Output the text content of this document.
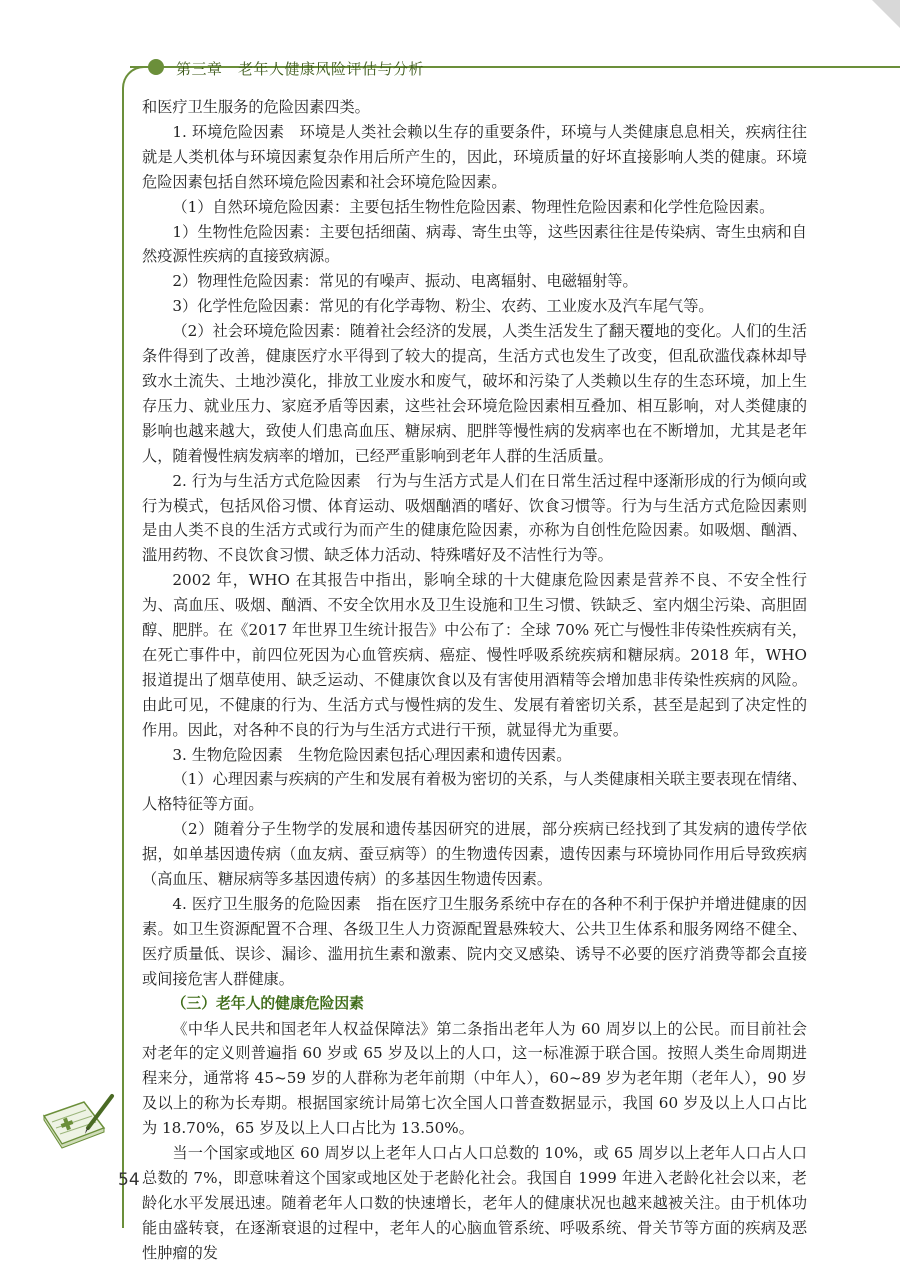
第三章　老年人健康风险评估与分析

和医疗卫生服务的危险因素四类。

1. 环境危险因素　环境是人类社会赖以生存的重要条件，环境与人类健康息息相关，疾病往往就是人类机体与环境因素复杂作用后所产生的，因此，环境质量的好坏直接影响人类的健康。环境危险因素包括自然环境危险因素和社会环境危险因素。

（1）自然环境危险因素：主要包括生物性危险因素、物理性危险因素和化学性危险因素。

1）生物性危险因素：主要包括细菌、病毒、寄生虫等，这些因素往往是传染病、寄生虫病和自然疫源性疾病的直接致病源。

2）物理性危险因素：常见的有噪声、振动、电离辐射、电磁辐射等。

3）化学性危险因素：常见的有化学毒物、粉尘、农药、工业废水及汽车尾气等。

（2）社会环境危险因素：随着社会经济的发展，人类生活发生了翻天覆地的变化。人们的生活条件得到了改善，健康医疗水平得到了较大的提高，生活方式也发生了改变，但乱砍滥伐森林却导致水土流失、土地沙漠化，排放工业废水和废气，破坏和污染了人类赖以生存的生态环境，加上生存压力、就业压力、家庭矛盾等因素，这些社会环境危险因素相互叠加、相互影响，对人类健康的影响也越来越大，致使人们患高血压、糖尿病、肥胖等慢性病的发病率也在不断增加，尤其是老年人，随着慢性病发病率的增加，已经严重影响到老年人群的生活质量。

2. 行为与生活方式危险因素　行为与生活方式是人们在日常生活过程中逐渐形成的行为倾向或行为模式，包括风俗习惯、体育运动、吸烟酗酒的嗜好、饮食习惯等。行为与生活方式危险因素则是由人类不良的生活方式或行为而产生的健康危险因素，亦称为自创性危险因素。如吸烟、酗酒、滥用药物、不良饮食习惯、缺乏体力活动、特殊嗜好及不洁性行为等。

2002 年，WHO 在其报告中指出，影响全球的十大健康危险因素是营养不良、不安全性行为、高血压、吸烟、酗酒、不安全饮用水及卫生设施和卫生习惯、铁缺乏、室内烟尘污染、高胆固醇、肥胖。在《2017 年世界卫生统计报告》中公布了：全球 70% 死亡与慢性非传染性疾病有关，在死亡事件中，前四位死因为心血管疾病、癌症、慢性呼吸系统疾病和糖尿病。2018 年，WHO 报道提出了烟草使用、缺乏运动、不健康饮食以及有害使用酒精等会增加患非传染性疾病的风险。由此可见，不健康的行为、生活方式与慢性病的发生、发展有着密切关系，甚至是起到了决定性的作用。因此，对各种不良的行为与生活方式进行干预，就显得尤为重要。

3. 生物危险因素　生物危险因素包括心理因素和遗传因素。

（1）心理因素与疾病的产生和发展有着极为密切的关系，与人类健康相关联主要表现在情绪、人格特征等方面。

（2）随着分子生物学的发展和遗传基因研究的进展，部分疾病已经找到了其发病的遗传学依据，如单基因遗传病（血友病、蚕豆病等）的生物遗传因素，遗传因素与环境协同作用后导致疾病（高血压、糖尿病等多基因遗传病）的多基因生物遗传因素。

4. 医疗卫生服务的危险因素　指在医疗卫生服务系统中存在的各种不利于保护并增进健康的因素。如卫生资源配置不合理、各级卫生人力资源配置悬殊较大、公共卫生体系和服务网络不健全、医疗质量低、误诊、漏诊、滥用抗生素和激素、院内交叉感染、诱导不必要的医疗消费等都会直接或间接危害人群健康。

（三）老年人的健康危险因素

《中华人民共和国老年人权益保障法》第二条指出老年人为 60 周岁以上的公民。而目前社会对老年的定义则普遍指 60 岁或 65 岁及以上的人口，这一标准源于联合国。按照人类生命周期进程来分，通常将 45~59 岁的人群称为老年前期（中年人），60~89 岁为老年期（老年人），90 岁及以上的称为长寿期。根据国家统计局第七次全国人口普查数据显示，我国 60 岁及以上人口占比为 18.70%，65 岁及以上人口占比为 13.50%。

当一个国家或地区 60 周岁以上老年人口占人口总数的 10%，或 65 周岁以上老年人口占人口总数的 7%，即意味着这个国家或地区处于老龄化社会。我国自 1999 年进入老龄化社会以来，老龄化水平发展迅速。随着老年人口数的快速增长，老年人的健康状况也越来越被关注。由于机体功能由盛转衰，在逐渐衰退的过程中，老年人的心脑血管系统、呼吸系统、骨关节等方面的疾病及恶性肿瘤的发

54
